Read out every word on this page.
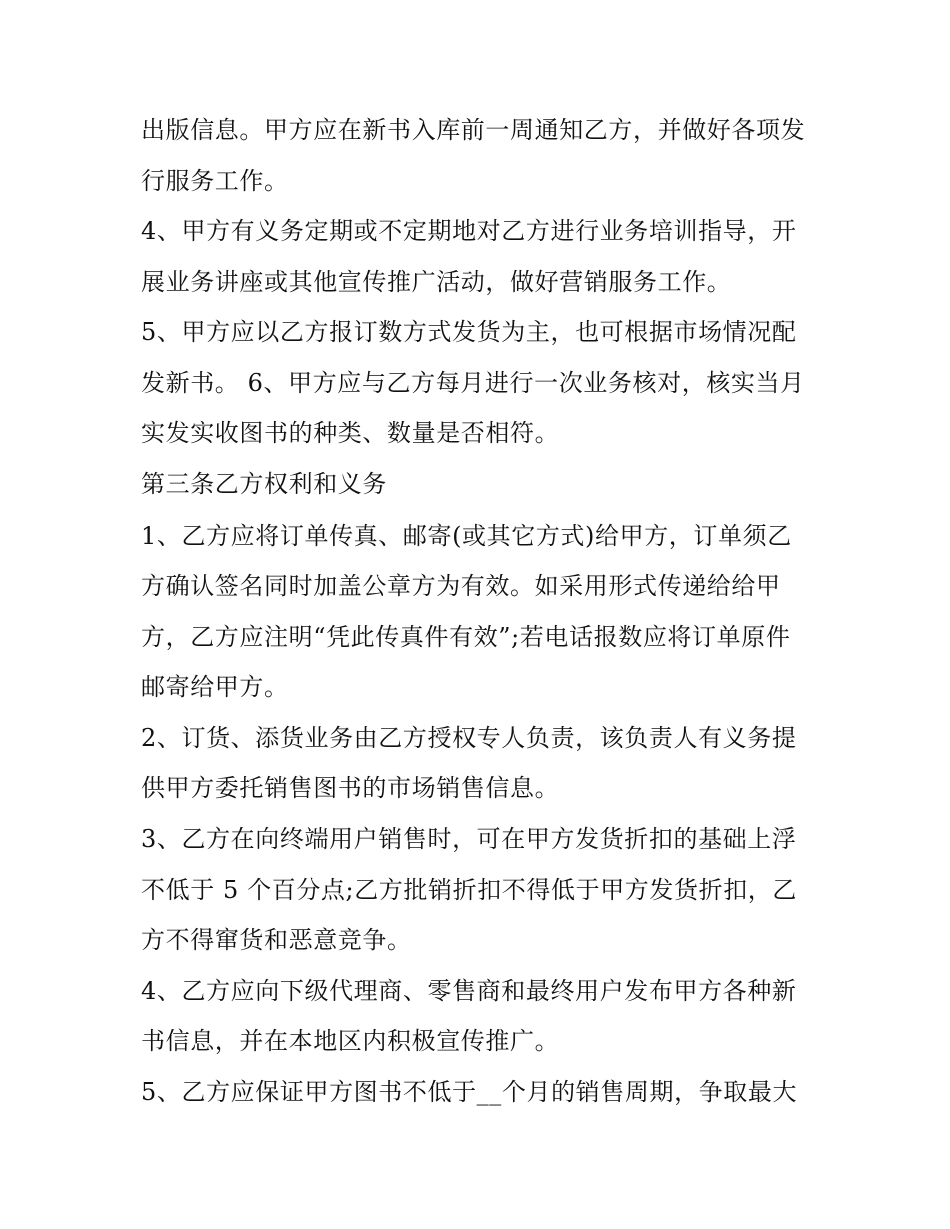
出版信息。甲方应在新书入库前一周通知乙方，并做好各项发
行服务工作。
4、甲方有义务定期或不定期地对乙方进行业务培训指导，开
展业务讲座或其他宣传推广活动，做好营销服务工作。
5、甲方应以乙方报订数方式发货为主，也可根据市场情况配
发新书。 6、甲方应与乙方每月进行一次业务核对，核实当月
实发实收图书的种类、数量是否相符。
第三条乙方权利和义务
1、乙方应将订单传真、邮寄(或其它方式)给甲方，订单须乙
方确认签名同时加盖公章方为有效。如采用形式传递给给甲
方，乙方应注明“凭此传真件有效”;若电话报数应将订单原件
邮寄给甲方。
2、订货、添货业务由乙方授权专人负责，该负责人有义务提
供甲方委托销售图书的市场销售信息。
3、乙方在向终端用户销售时，可在甲方发货折扣的基础上浮
不低于 5 个百分点;乙方批销折扣不得低于甲方发货折扣，乙
方不得窜货和恶意竞争。
4、乙方应向下级代理商、零售商和最终用户发布甲方各种新
书信息，并在本地区内积极宣传推广。
5、乙方应保证甲方图书不低于__个月的销售周期，争取最大
